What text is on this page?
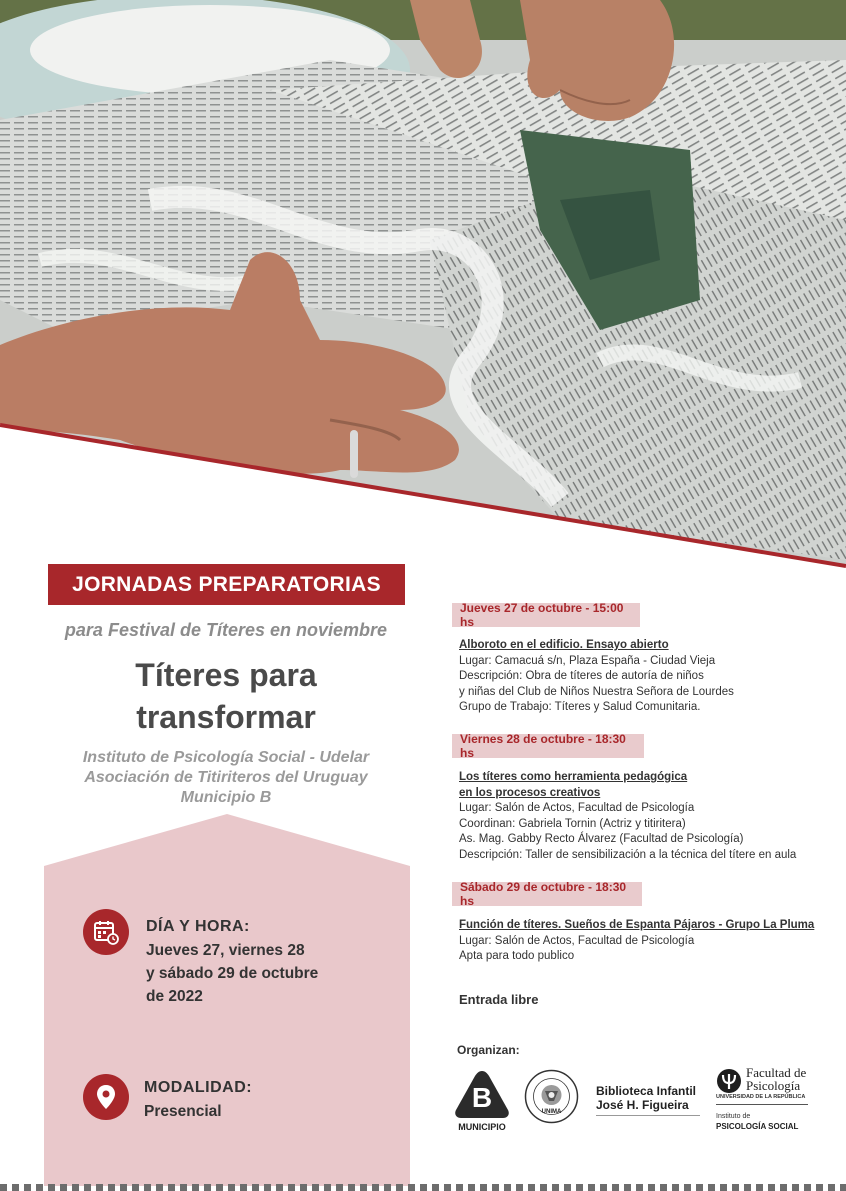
JORNADAS PREPARATORIAS
para Festival de Títeres en noviembre
Títeres para
transformar
Instituto de Psicología Social - Udelar
Asociación de Titiriteros del Uruguay
Municipio B
DÍA Y HORA:
Jueves 27, viernes 28
y sábado 29 de octubre
de 2022
MODALIDAD:
Presencial
Jueves 27 de octubre - 15:00 hs
Alboroto en el edificio. Ensayo abierto
Lugar: Camacuá s/n, Plaza España - Ciudad Vieja
Descripción: Obra de títeres de autoría de niños
y niñas del Club de Niños Nuestra Señora de Lourdes
Grupo de Trabajo: Títeres y Salud Comunitaria.
Viernes 28 de octubre - 18:30 hs
Los títeres como herramienta pedagógica
en los procesos creativos
Lugar: Salón de Actos, Facultad de Psicología
Coordinan: Gabriela Tornin (Actriz y titiritera)
As. Mag. Gabby Recto Álvarez (Facultad de Psicología)
Descripción: Taller de sensibilización a la técnica del títere en aula
Sábado 29 de octubre - 18:30 hs
Función de títeres. Sueños de Espanta Pájaros - Grupo La Pluma
Lugar: Salón de Actos, Facultad de Psicología
Apta para todo publico
Entrada libre
Organizan:
B
MUNICIPIO
UNIMA
Biblioteca Infantil
José H. Figueira
Facultad de
Psicología
UNIVERSIDAD DE LA REPÚBLICA
Instituto de
PSICOLOGÍA SOCIAL
